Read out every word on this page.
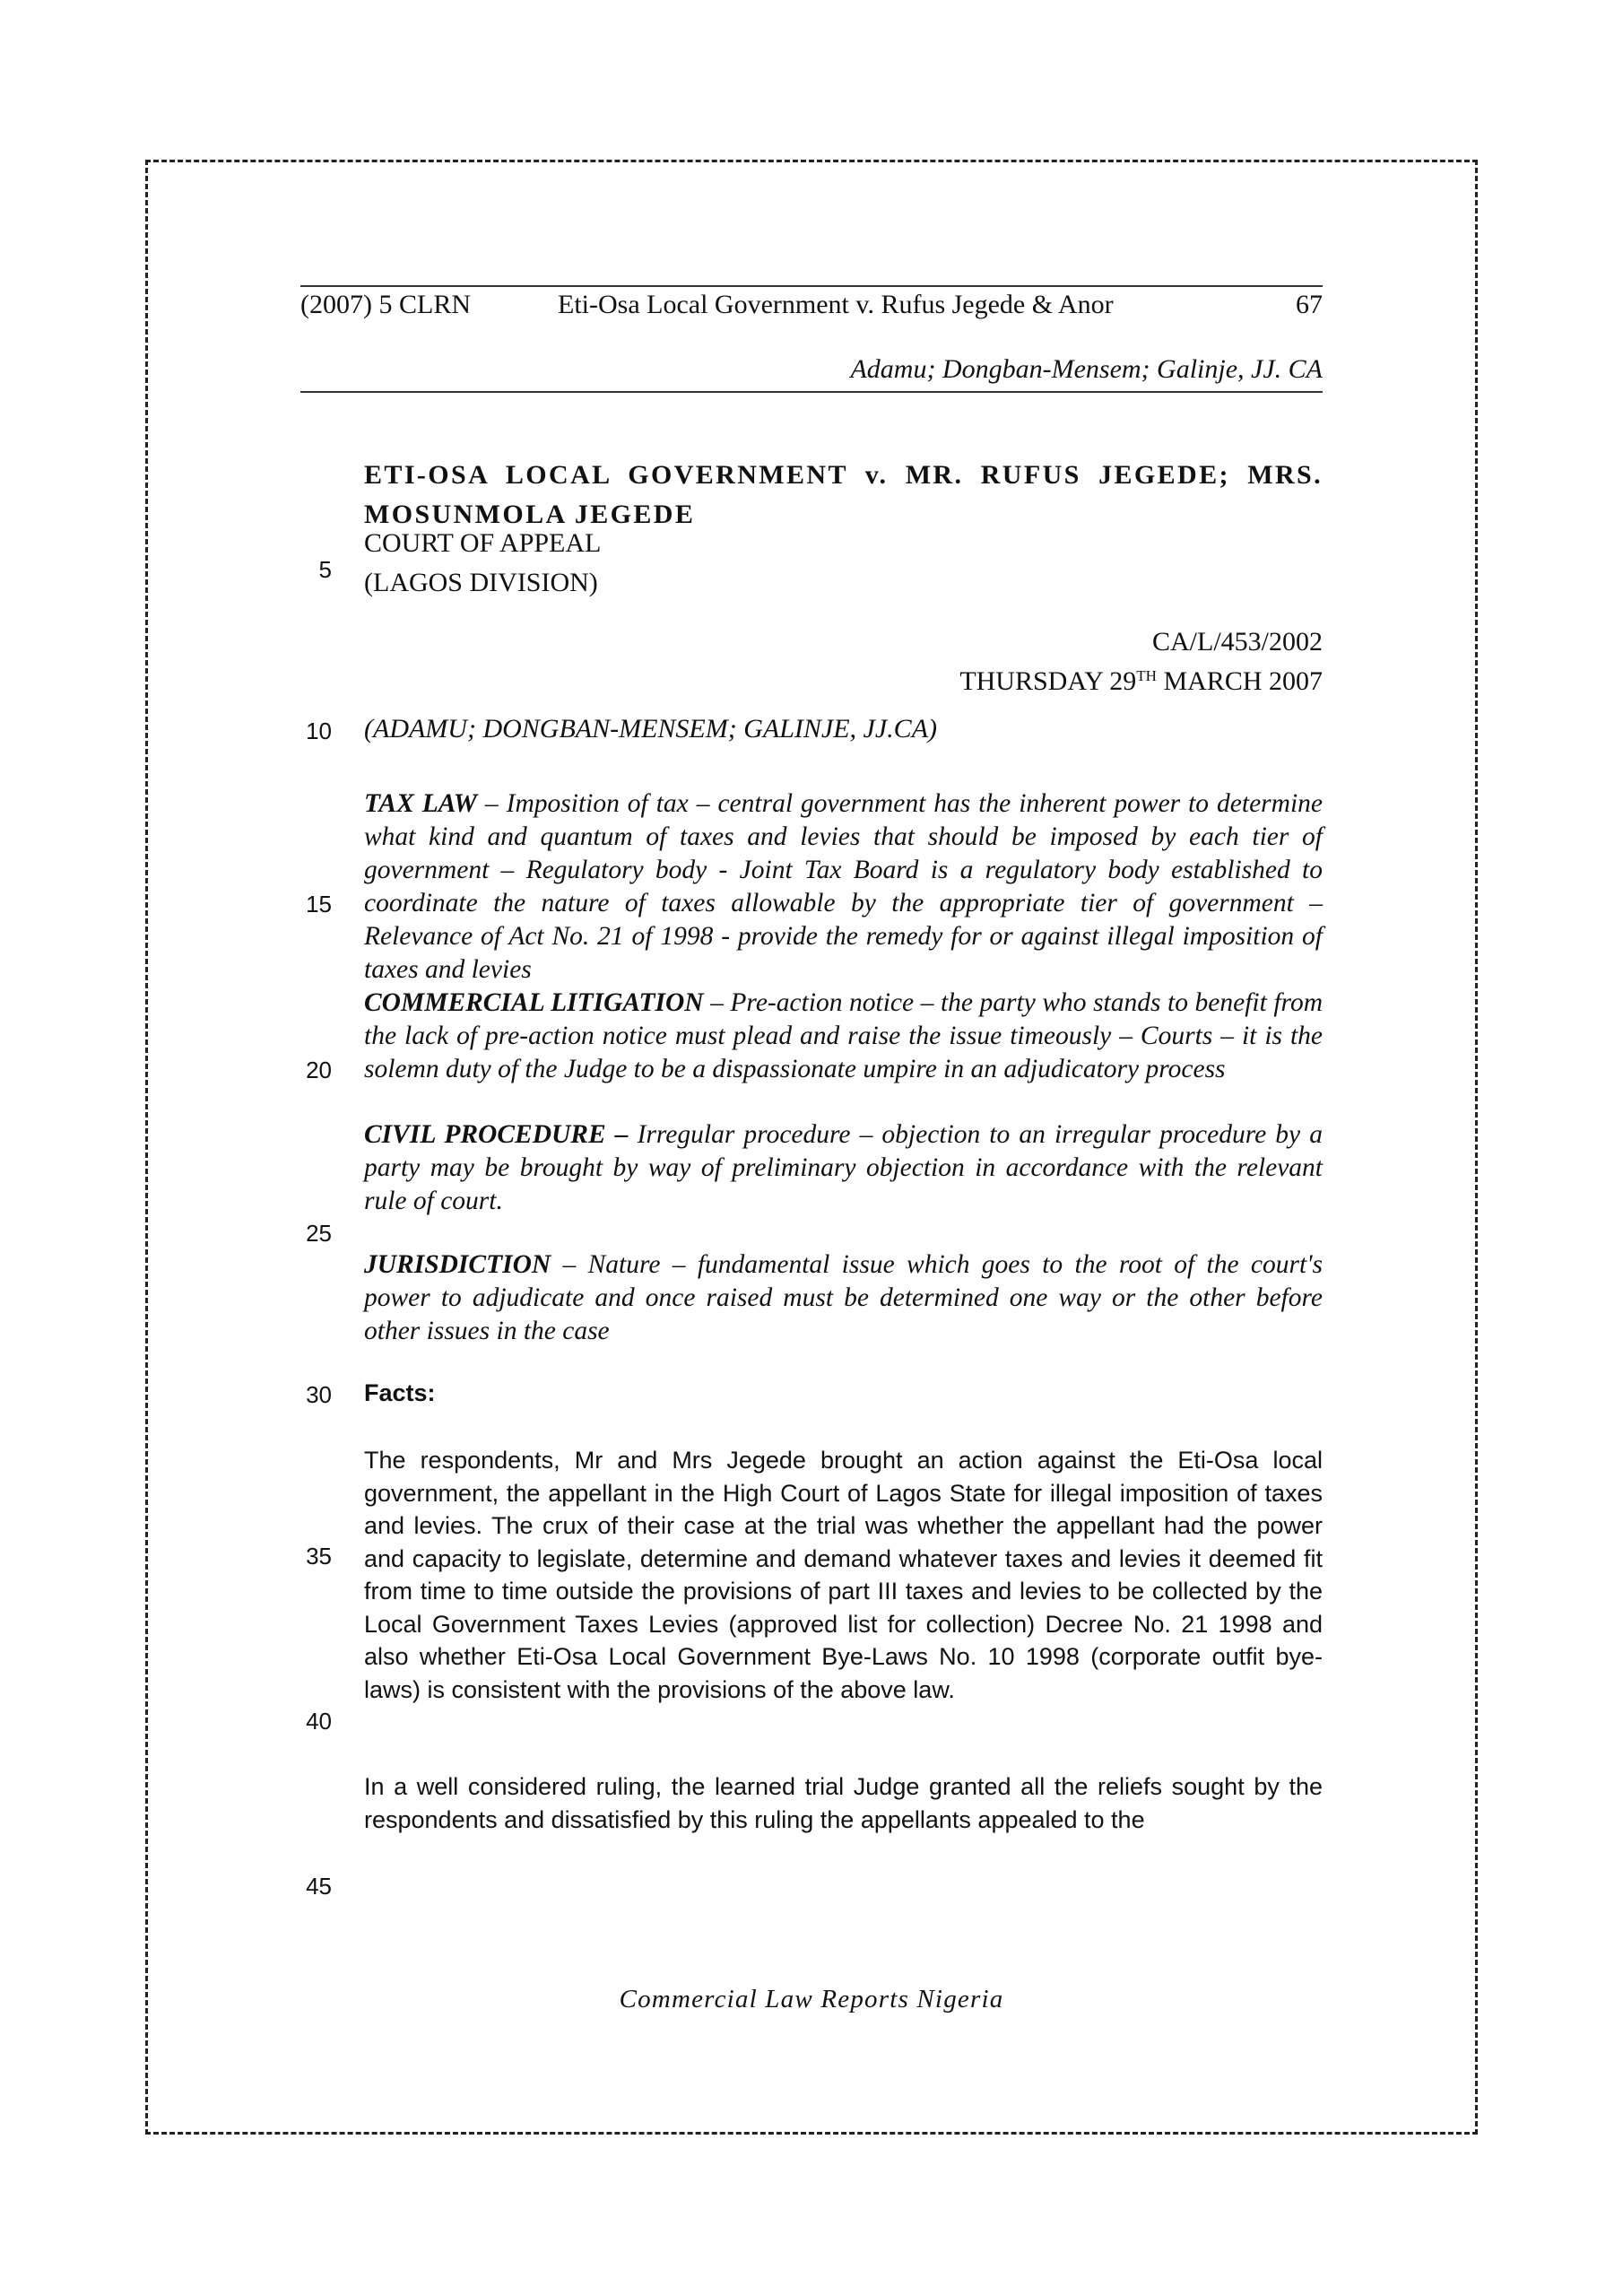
(2007) 5 CLRN	Eti-Osa Local Government v. Rufus Jegede & Anor	67
Adamu; Dongban-Mensem; Galinje, JJ. CA
ETI-OSA LOCAL GOVERNMENT v. MR. RUFUS JEGEDE; MRS. MOSUNMOLA JEGEDE
COURT OF APPEAL
(LAGOS DIVISION)
CA/L/453/2002
THURSDAY 29TH MARCH 2007
(ADAMU; DONGBAN-MENSEM; GALINJE, JJ.CA)
TAX LAW – Imposition of tax – central government has the inherent power to determine what kind and quantum of taxes and levies that should be imposed by each tier of government – Regulatory body - Joint Tax Board is a regulatory body established to coordinate the nature of taxes allowable by the appropriate tier of government – Relevance of Act No. 21 of 1998 - provide the remedy for or against illegal imposition of taxes and levies
COMMERCIAL LITIGATION – Pre-action notice – the party who stands to benefit from the lack of pre-action notice must plead and raise the issue timeously – Courts – it is the solemn duty of the Judge to be a dispassionate umpire in an adjudicatory process
CIVIL PROCEDURE – Irregular procedure – objection to an irregular procedure by a party may be brought by way of preliminary objection in accordance with the relevant rule of court.
JURISDICTION – Nature – fundamental issue which goes to the root of the court's power to adjudicate and once raised must be determined one way or the other before other issues in the case
Facts:
The respondents, Mr and Mrs Jegede brought an action against the Eti-Osa local government, the appellant in the High Court of Lagos State for illegal imposition of taxes and levies. The crux of their case at the trial was whether the appellant had the power and capacity to legislate, determine and demand whatever taxes and levies it deemed fit from time to time outside the provisions of part III taxes and levies to be collected by the Local Government Taxes Levies (approved list for collection) Decree No. 21 1998 and also whether Eti-Osa Local Government Bye-Laws No. 10 1998 (corporate outfit bye-laws) is consistent with the provisions of the above law.
In a well considered ruling, the learned trial Judge granted all the reliefs sought by the respondents and dissatisfied by this ruling the appellants appealed to the
5
10
15
20
25
30
35
40
45
Commercial Law Reports Nigeria
